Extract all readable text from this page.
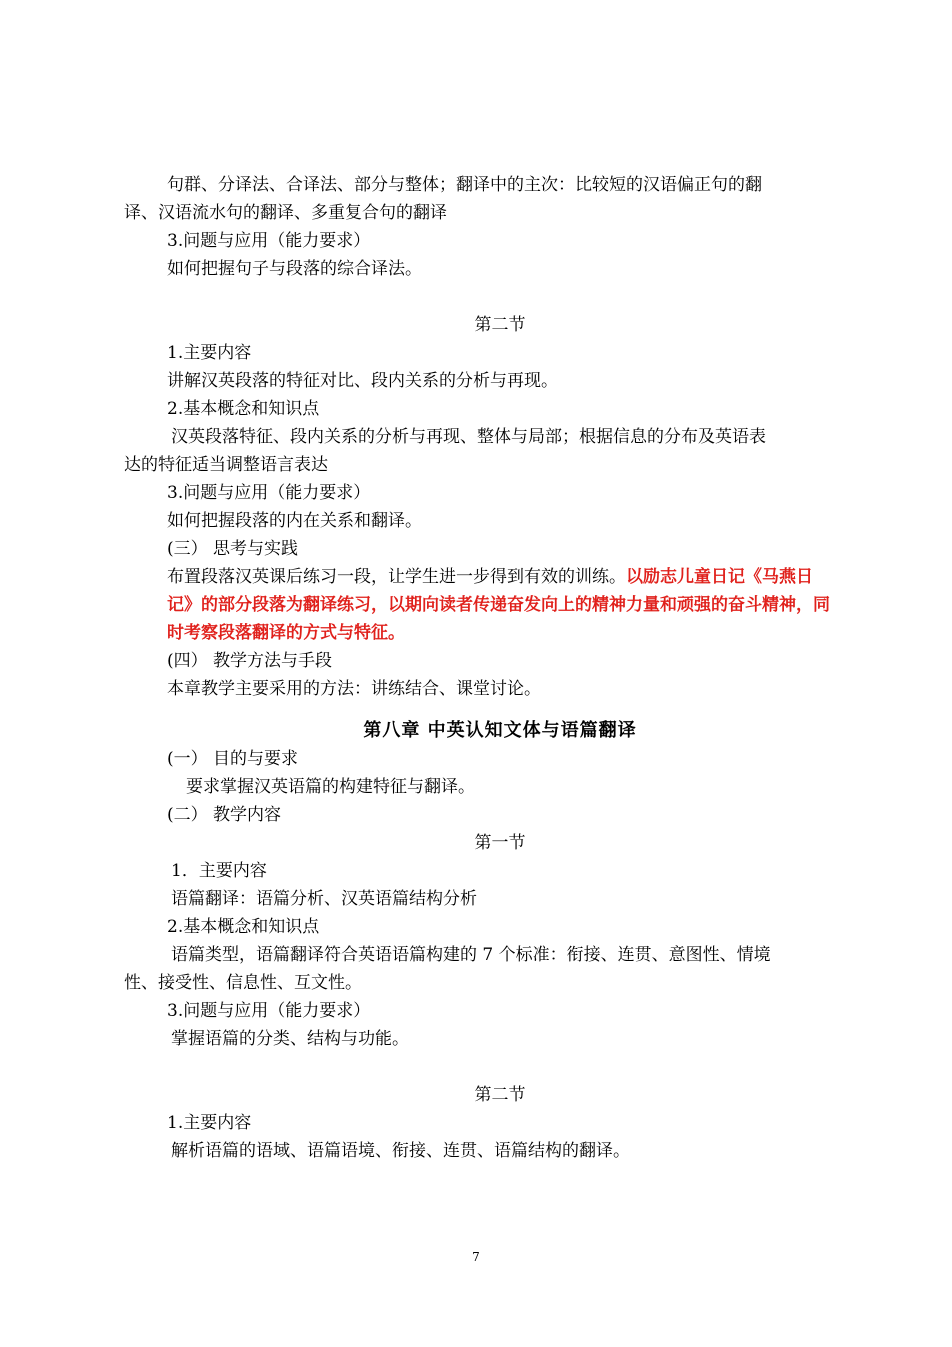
句群、分译法、合译法、部分与整体；翻译中的主次：比较短的汉语偏正句的翻

译、汉语流水句的翻译、多重复合句的翻译

3.问题与应用（能力要求）

如何把握句子与段落的综合译法。

第二节

1.主要内容

讲解汉英段落的特征对比、段内关系的分析与再现。

2.基本概念和知识点

汉英段落特征、段内关系的分析与再现、整体与局部；根据信息的分布及英语表

达的特征适当调整语言表达

3.问题与应用（能力要求）

如何把握段落的内在关系和翻译。

(三） 思考与实践

布置段落汉英课后练习一段，让学生进一步得到有效的训练。以励志儿童日记《马燕日记》的部分段落为翻译练习，以期向读者传递奋发向上的精神力量和顽强的奋斗精神，同时考察段落翻译的方式与特征。

(四） 教学方法与手段

本章教学主要采用的方法：讲练结合、课堂讨论。

第八章 中英认知文体与语篇翻译

(一） 目的与要求

要求掌握汉英语篇的构建特征与翻译。

(二） 教学内容

第一节

1．主要内容

语篇翻译：语篇分析、汉英语篇结构分析

2.基本概念和知识点

语篇类型，语篇翻译符合英语语篇构建的 7 个标准：衔接、连贯、意图性、情境

性、接受性、信息性、互文性。

3.问题与应用（能力要求）

掌握语篇的分类、结构与功能。

第二节

1.主要内容

解析语篇的语域、语篇语境、衔接、连贯、语篇结构的翻译。

7
